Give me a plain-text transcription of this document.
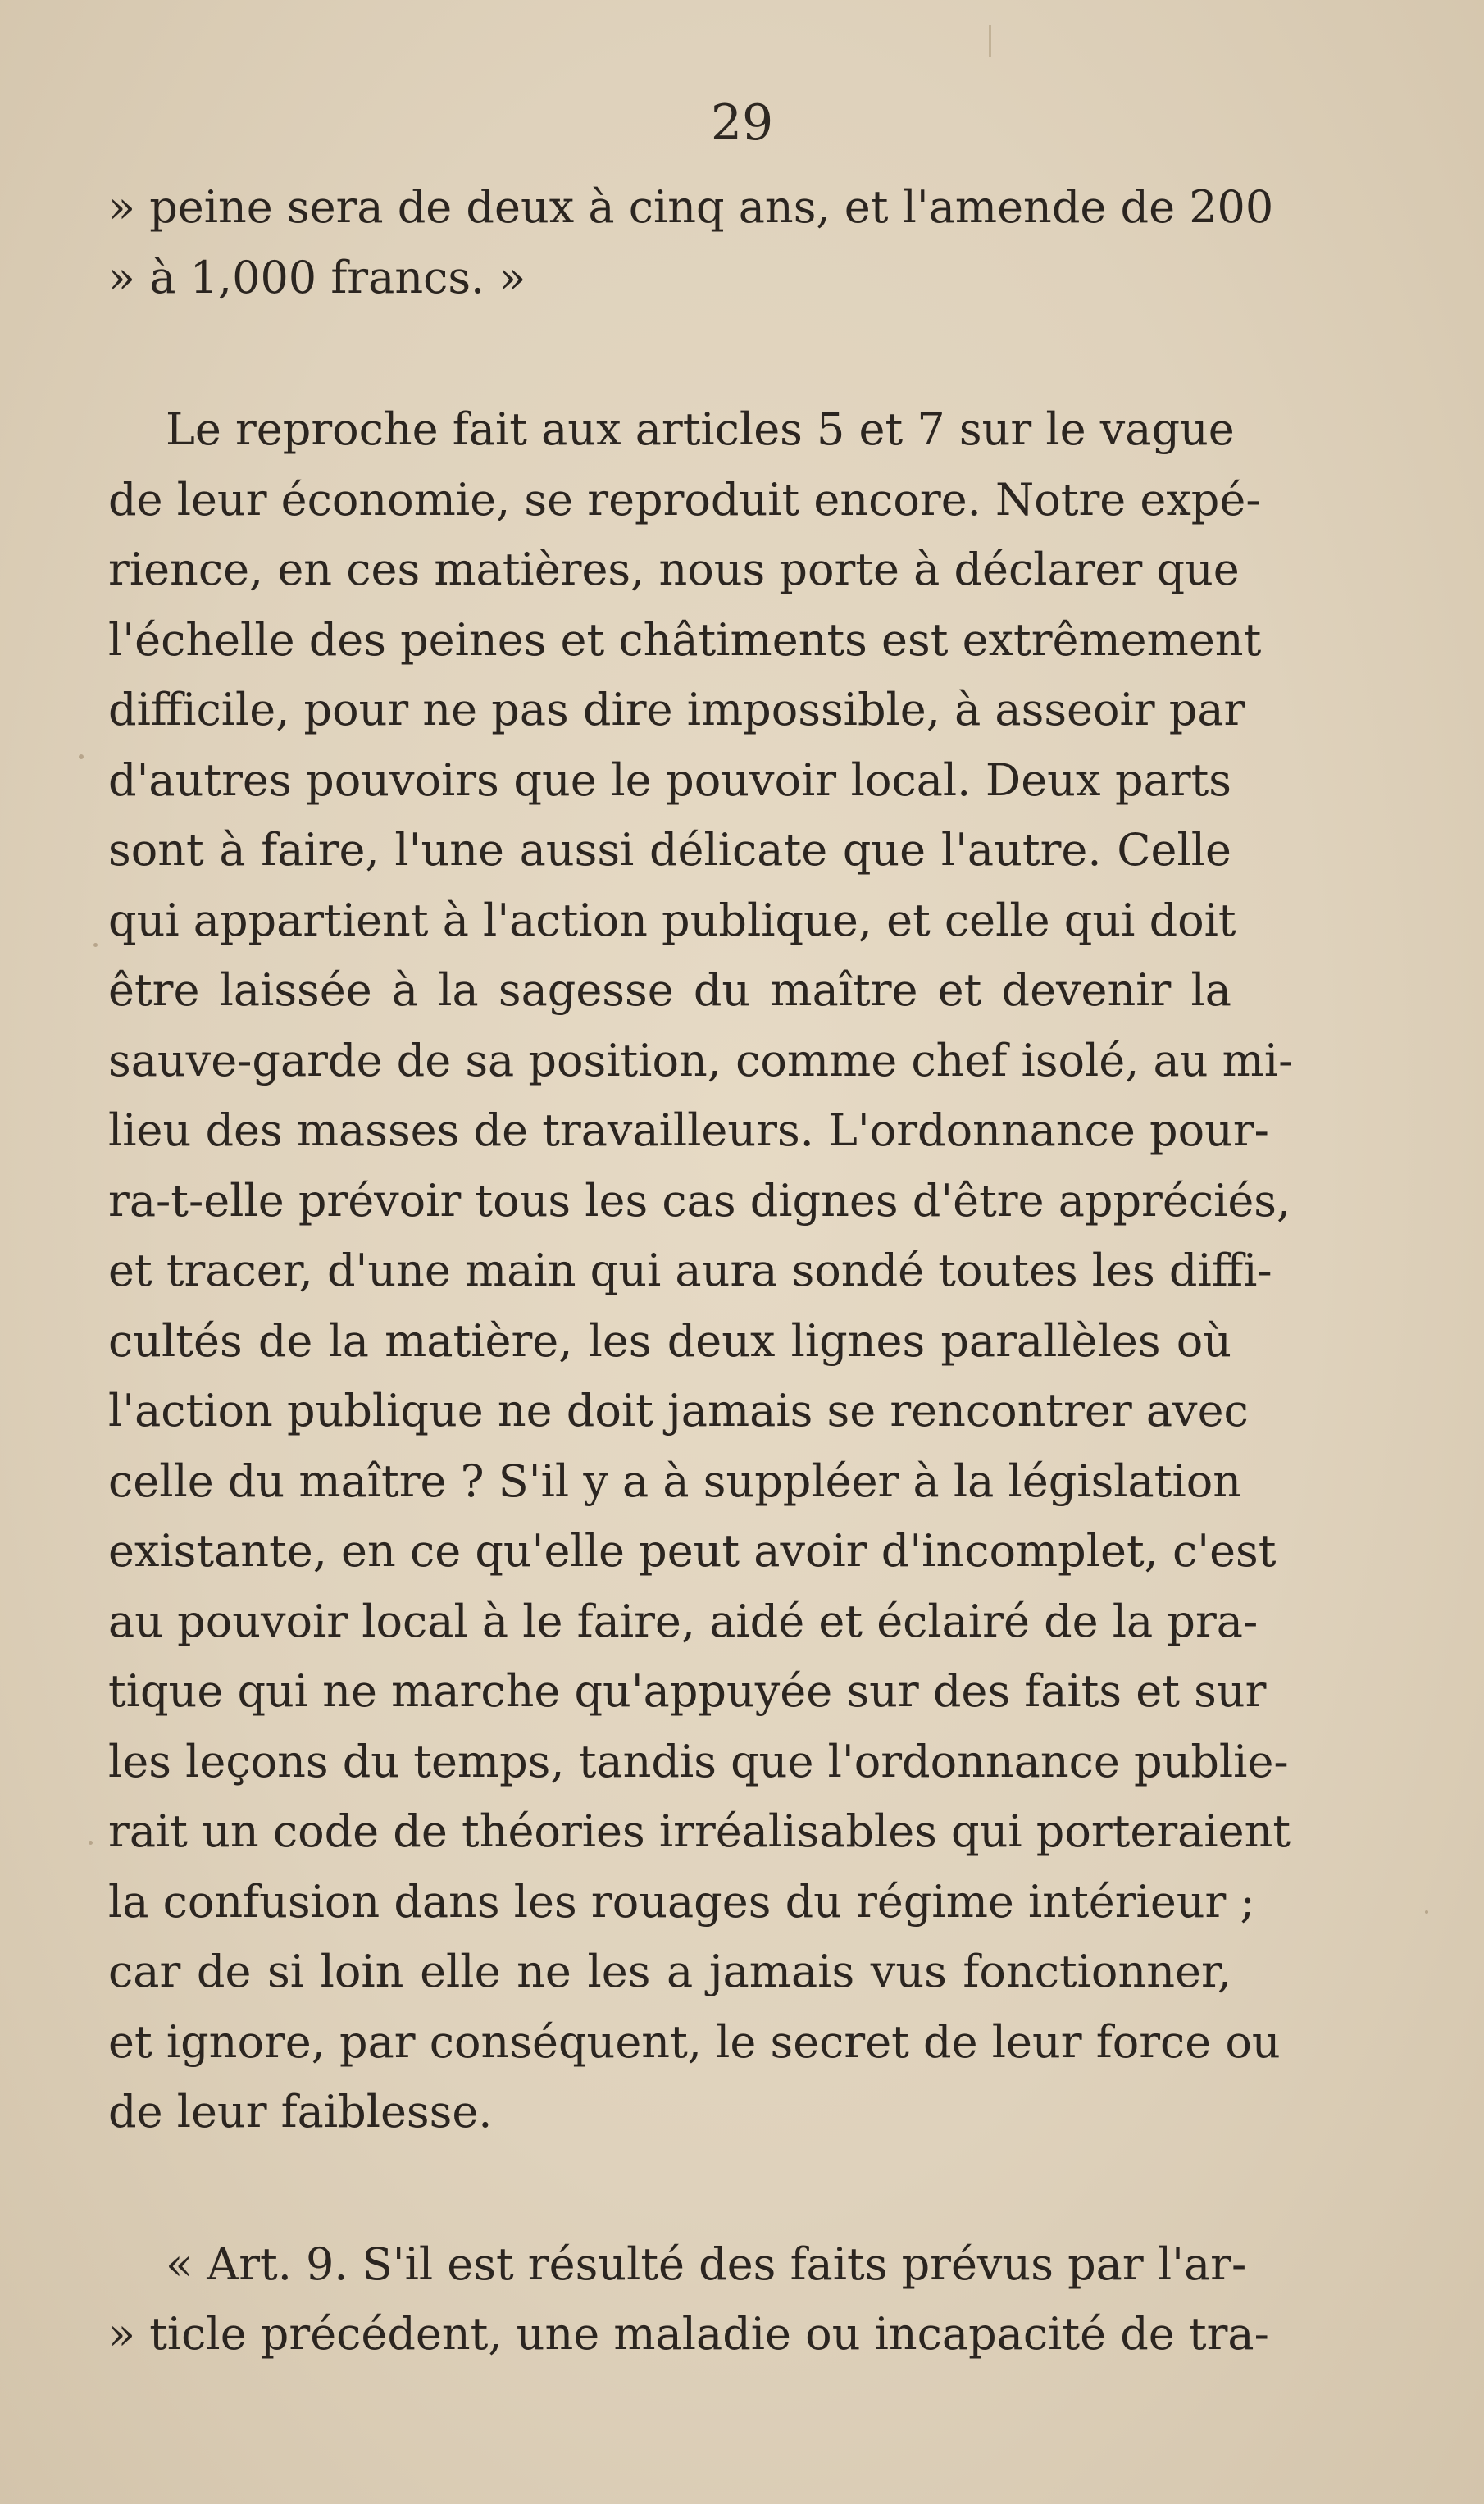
29
» peine sera de deux à cinq ans, et l'amende de 200
» à 1,000 francs. »
Le reproche fait aux articles 5 et 7 sur le vague
de leur économie, se reproduit encore. Notre expé-
rience, en ces matières, nous porte à déclarer que
l'échelle des peines et châtiments est extrêmement
difficile, pour ne pas dire impossible, à asseoir par
d'autres pouvoirs que le pouvoir local. Deux parts
sont à faire, l'une aussi délicate que l'autre. Celle
qui appartient à l'action publique, et celle qui doit
être laissée à la sagesse du maître et devenir la
sauve-garde de sa position, comme chef isolé, au mi-
lieu des masses de travailleurs. L'ordonnance pour-
ra-t-elle prévoir tous les cas dignes d'être appréciés,
et tracer, d'une main qui aura sondé toutes les diffi-
cultés de la matière, les deux lignes parallèles où
l'action publique ne doit jamais se rencontrer avec
celle du maître ? S'il y a à suppléer à la législation
existante, en ce qu'elle peut avoir d'incomplet, c'est
au pouvoir local à le faire, aidé et éclairé de la pra-
tique qui ne marche qu'appuyée sur des faits et sur
les leçons du temps, tandis que l'ordonnance publie-
rait un code de théories irréalisables qui porteraient
la confusion dans les rouages du régime intérieur ;
car de si loin elle ne les a jamais vus fonctionner,
et ignore, par conséquent, le secret de leur force ou
de leur faiblesse.
« Art. 9. S'il est résulté des faits prévus par l'ar-
» ticle précédent, une maladie ou incapacité de tra-
